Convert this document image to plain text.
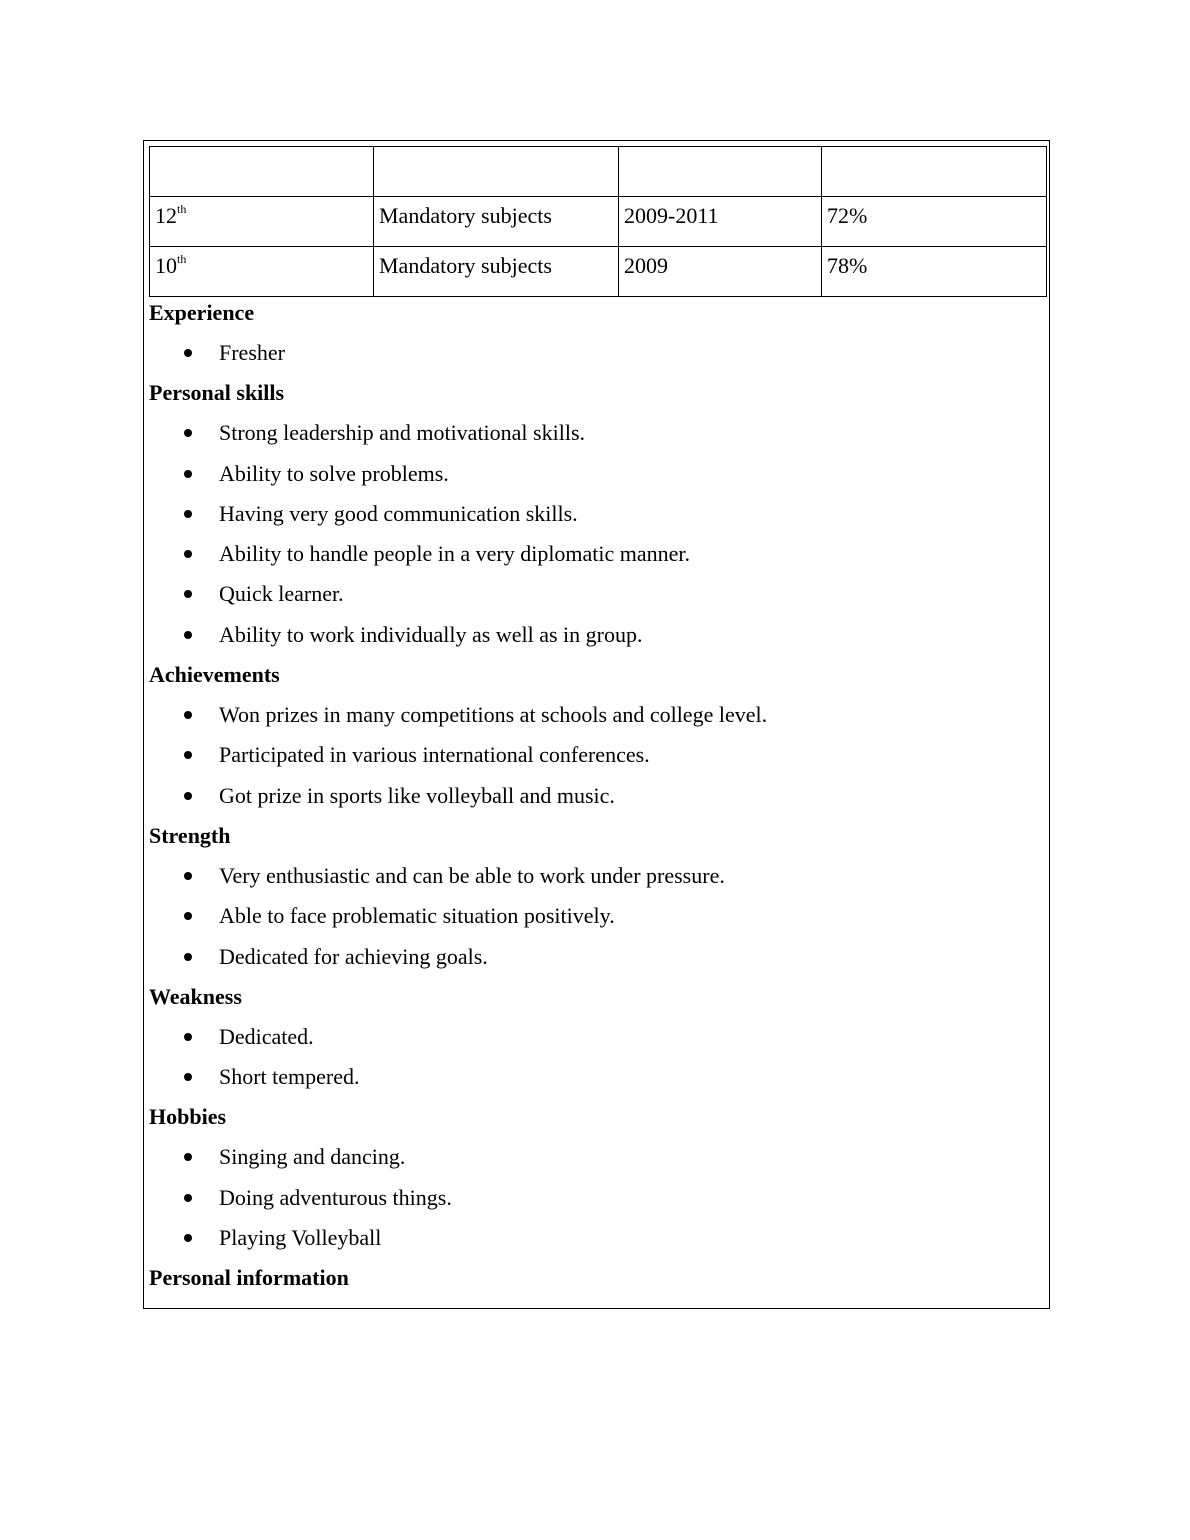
12th	Mandatory subjects	2009-2011	72%
10th	Mandatory subjects	2009	78%
Experience
Fresher
Personal skills
Strong leadership and motivational skills.
Ability to solve problems.
Having very good communication skills.
Ability to handle people in a very diplomatic manner.
Quick learner.
Ability to work individually as well as in group.
Achievements
Won prizes in many competitions at schools and college level.
Participated in various international conferences.
Got prize in sports like volleyball and music.
Strength
Very enthusiastic and can be able to work under pressure.
Able to face problematic situation positively.
Dedicated for achieving goals.
Weakness
Dedicated.
Short tempered.
Hobbies
Singing and dancing.
Doing adventurous things.
Playing Volleyball
Personal information
